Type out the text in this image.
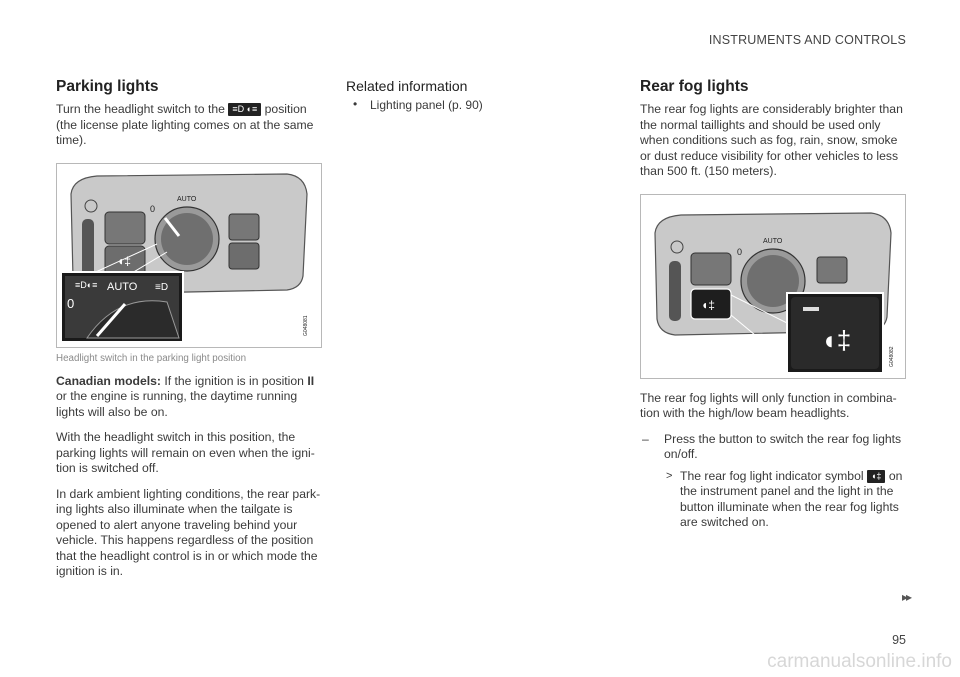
INSTRUMENTS AND CONTROLS
Parking lights

Turn the headlight switch to the ≡D ◐≡ position (the license plate lighting comes on at the same time).

◖‡
AUTO
0
AUTO
0
≡D◐≡	≡D
G048081
Headlight switch in the parking light position

Canadian models: If the ignition is in position II or the engine is running, the daytime running lights will also be on.

With the headlight switch in this position, the parking lights will remain on even when the igni-tion is switched off.

In dark ambient lighting conditions, the rear park-ing lights also illuminate when the tailgate is opened to alert anyone traveling behind your vehicle. This happens regardless of the position that the headlight control is in or which mode the ignition is in.

Related information
• Lighting panel (p. 90)
Rear fog lights

The rear fog lights are considerably brighter than the normal taillights and should be used only when conditions such as fog, rain, snow, smoke or dust reduce visibility for other vehicles to less than 500 ft. (150 meters).

◖‡
AUTO
0
◖‡
G048082

The rear fog lights will only function in combina-tion with the high/low beam headlights.

– Press the button to switch the rear fog lights on/off.
> The rear fog light indicator symbol ◖‡ on the instrument panel and the light in the button illuminate when the rear fog lights are switched on.
▸▸
95
carmanualsonline.info
